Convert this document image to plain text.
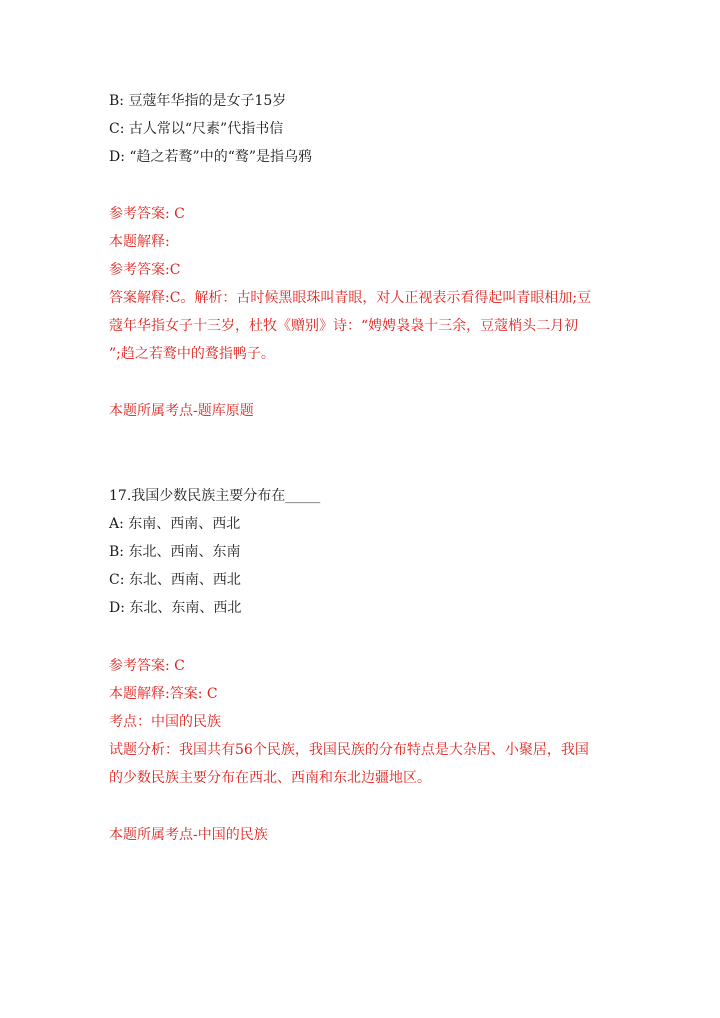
B: 豆蔻年华指的是女子15岁
C: 古人常以“尺素”代指书信
D: “趋之若鹜”中的“鹜”是指乌鸦
参考答案: C
本题解释:
参考答案:C
答案解释:C。解析：古时候黑眼珠叫青眼，对人正视表示看得起叫青眼相加;豆
蔻年华指女子十三岁，杜牧《赠别》诗：“娉娉袅袅十三余，豆蔻梢头二月初
”;趋之若鹜中的鹜指鸭子。
本题所属考点-题库原题
17.我国少数民族主要分布在_____
A: 东南、西南、西北
B: 东北、西南、东南
C: 东北、西南、西北
D: 东北、东南、西北
参考答案: C
本题解释:答案: C
考点：中国的民族
试题分析：我国共有56个民族，我国民族的分布特点是大杂居、小聚居，我国
的少数民族主要分布在西北、西南和东北边疆地区。
本题所属考点-中国的民族
